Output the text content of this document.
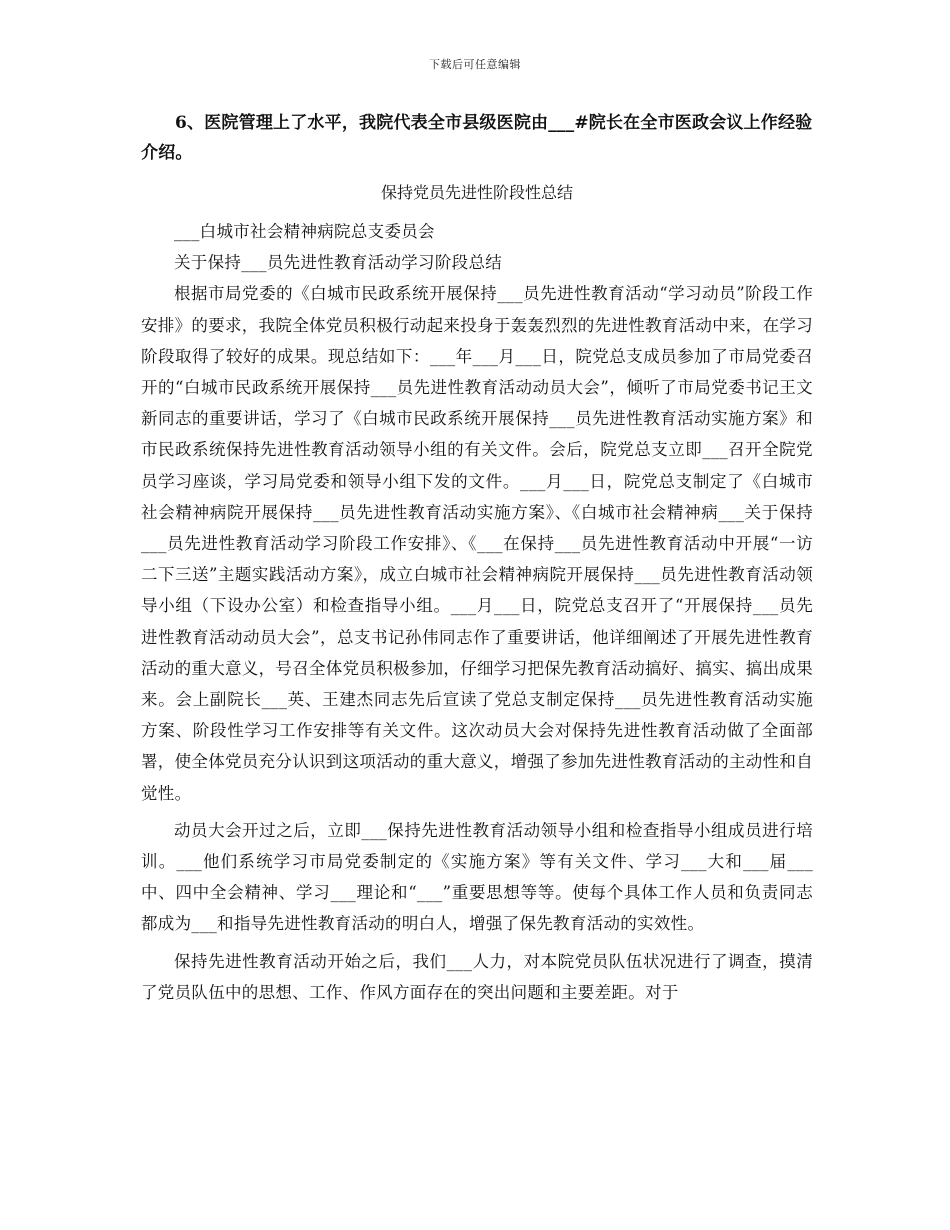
下载后可任意编辑
6、医院管理上了水平，我院代表全市县级医院由___#院长在全市医政会议上作经验介绍。
保持党员先进性阶段性总结

___白城市社会精神病院总支委员会

关于保持___员先进性教育活动学习阶段总结

根据市局党委的《白城市民政系统开展保持___员先进性教育活动“学习动员”阶段工作安排》的要求，我院全体党员积极行动起来投身于轰轰烈烈的先进性教育活动中来，在学习阶段取得了较好的成果。现总结如下：___年___月___日，院党总支成员参加了市局党委召开的“白城市民政系统开展保持___员先进性教育活动动员大会”，倾听了市局党委书记王文新同志的重要讲话，学习了《白城市民政系统开展保持___员先进性教育活动实施方案》和市民政系统保持先进性教育活动领导小组的有关文件。会后，院党总支立即___召开全院党员学习座谈，学习局党委和领导小组下发的文件。___月___日，院党总支制定了《白城市社会精神病院开展保持___员先进性教育活动实施方案》、《白城市社会精神病___关于保持___员先进性教育活动学习阶段工作安排》、《___在保持___员先进性教育活动中开展“一访二下三送”主题实践活动方案》，成立白城市社会精神病院开展保持___员先进性教育活动领导小组（下设办公室）和检查指导小组。___月___日，院党总支召开了“开展保持___员先进性教育活动动员大会”，总支书记孙伟同志作了重要讲话，他详细阐述了开展先进性教育活动的重大意义，号召全体党员积极参加，仔细学习把保先教育活动搞好、搞实、搞出成果来。会上副院长___英、王建杰同志先后宣读了党总支制定保持___员先进性教育活动实施方案、阶段性学习工作安排等有关文件。这次动员大会对保持先进性教育活动做了全面部署，使全体党员充分认识到这项活动的重大意义，增强了参加先进性教育活动的主动性和自觉性。

动员大会开过之后，立即___保持先进性教育活动领导小组和检查指导小组成员进行培训。___他们系统学习市局党委制定的《实施方案》等有关文件、学习___大和___届___中、四中全会精神、学习___理论和“___”重要思想等等。使每个具体工作人员和负责同志都成为___和指导先进性教育活动的明白人，增强了保先教育活动的实效性。

保持先进性教育活动开始之后，我们___人力，对本院党员队伍状况进行了调查，摸清了党员队伍中的思想、工作、作风方面存在的突出问题和主要差距。对于
